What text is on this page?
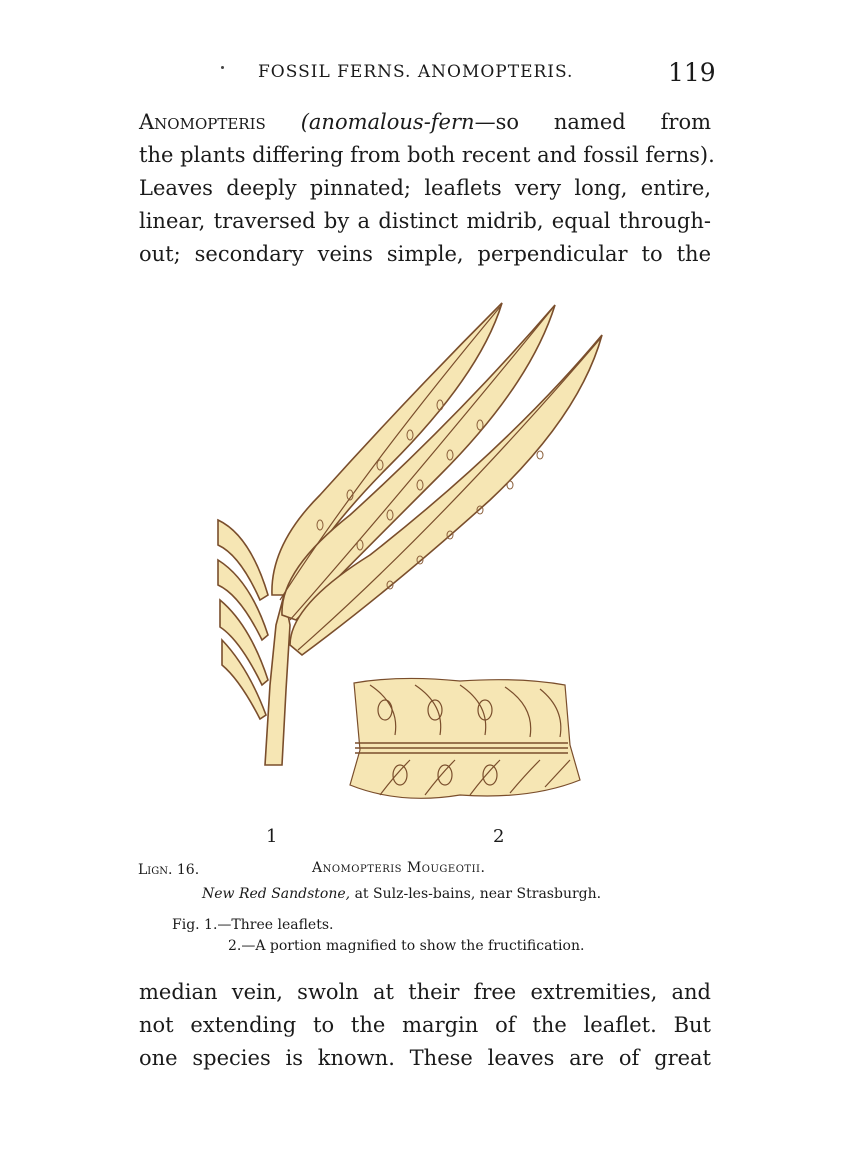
FOSSIL FERNS. ANOMOPTERIS.	119
Anomopteris (anomalous-fern—so named from
the plants differing from both recent and fossil ferns).
Leaves deeply pinnated; leaflets very long, entire,
linear, traversed by a distinct midrib, equal through-
out; secondary veins simple, perpendicular to the
1	2
Lign. 16.	Anomopteris Mougeotii.
New Red Sandstone, at Sulz-les-bains, near Strasburgh.
Fig. 1.—Three leaflets.
2.—A portion magnified to show the fructification.
median vein, swoln at their free extremities, and
not extending to the margin of the leaflet. But
one species is known. These leaves are of great
